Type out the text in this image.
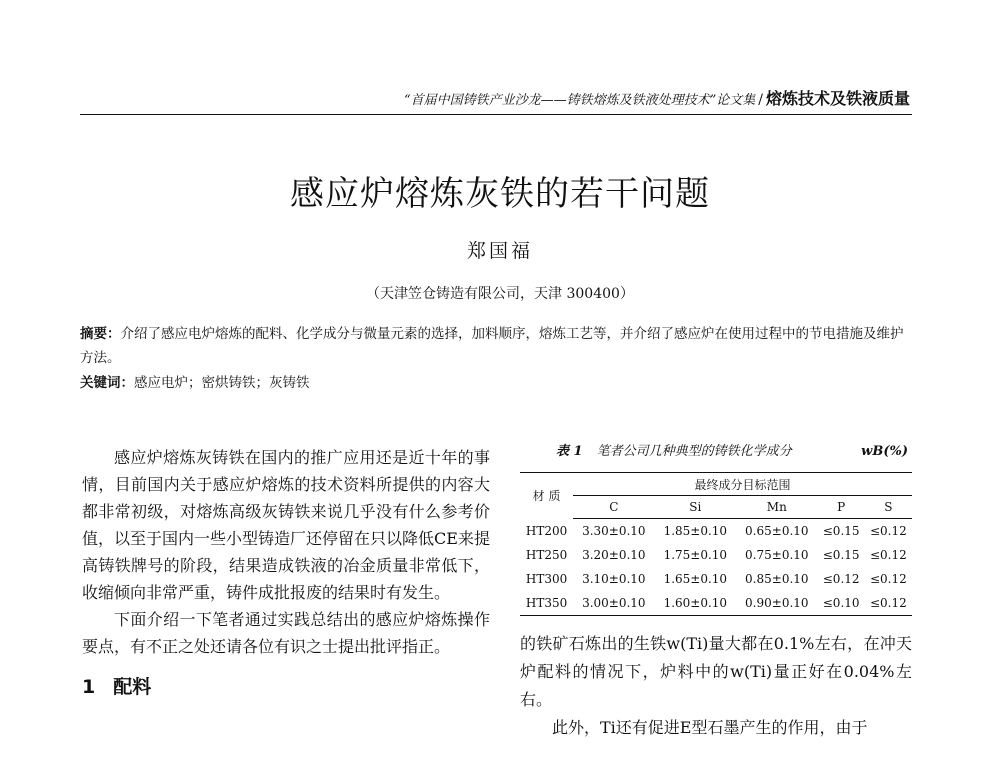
“首届中国铸铁产业沙龙——铸铁熔炼及铁液处理技术”论文集 / 熔炼技术及铁液质量
感应炉熔炼灰铁的若干问题
郑国福
（天津笠仓铸造有限公司，天津 300400）
摘要：介绍了感应电炉熔炼的配料、化学成分与微量元素的选择，加料顺序，熔炼工艺等，并介绍了感应炉在使用过程中的节电措施及维护方法。
关键词：感应电炉；密烘铸铁；灰铸铁

感应炉熔炼灰铸铁在国内的推广应用还是近十年的事情，目前国内关于感应炉熔炼的技术资料所提供的内容大都非常初级，对熔炼高级灰铸铁来说几乎没有什么参考价值，以至于国内一些小型铸造厂还停留在只以降低CE来提高铸铁牌号的阶段，结果造成铁液的冶金质量非常低下，收缩倾向非常严重，铸件成批报废的结果时有发生。

下面介绍一下笔者通过实践总结出的感应炉熔炼操作要点，有不正之处还请各位有识之士提出批评指正。

1 配料
表 1 笔者公司几种典型的铸铁化学成分	wB(%)
材 质	最终成分目标范围				
	C	Si	Mn	P	S
HT200	3.30±0.10	1.85±0.10	0.65±0.10	≤0.15	≤0.12
HT250	3.20±0.10	1.75±0.10	0.75±0.10	≤0.15	≤0.12
HT300	3.10±0.10	1.65±0.10	0.85±0.10	≤0.12	≤0.12
HT350	3.00±0.10	1.60±0.10	0.90±0.10	≤0.10	≤0.12

的铁矿石炼出的生铁w(Ti)量大都在0.1%左右，在冲天炉配料的情况下，炉料中的w(Ti)量正好在0.04%左右。

此外，Ti还有促进E型石墨产生的作用，由于
